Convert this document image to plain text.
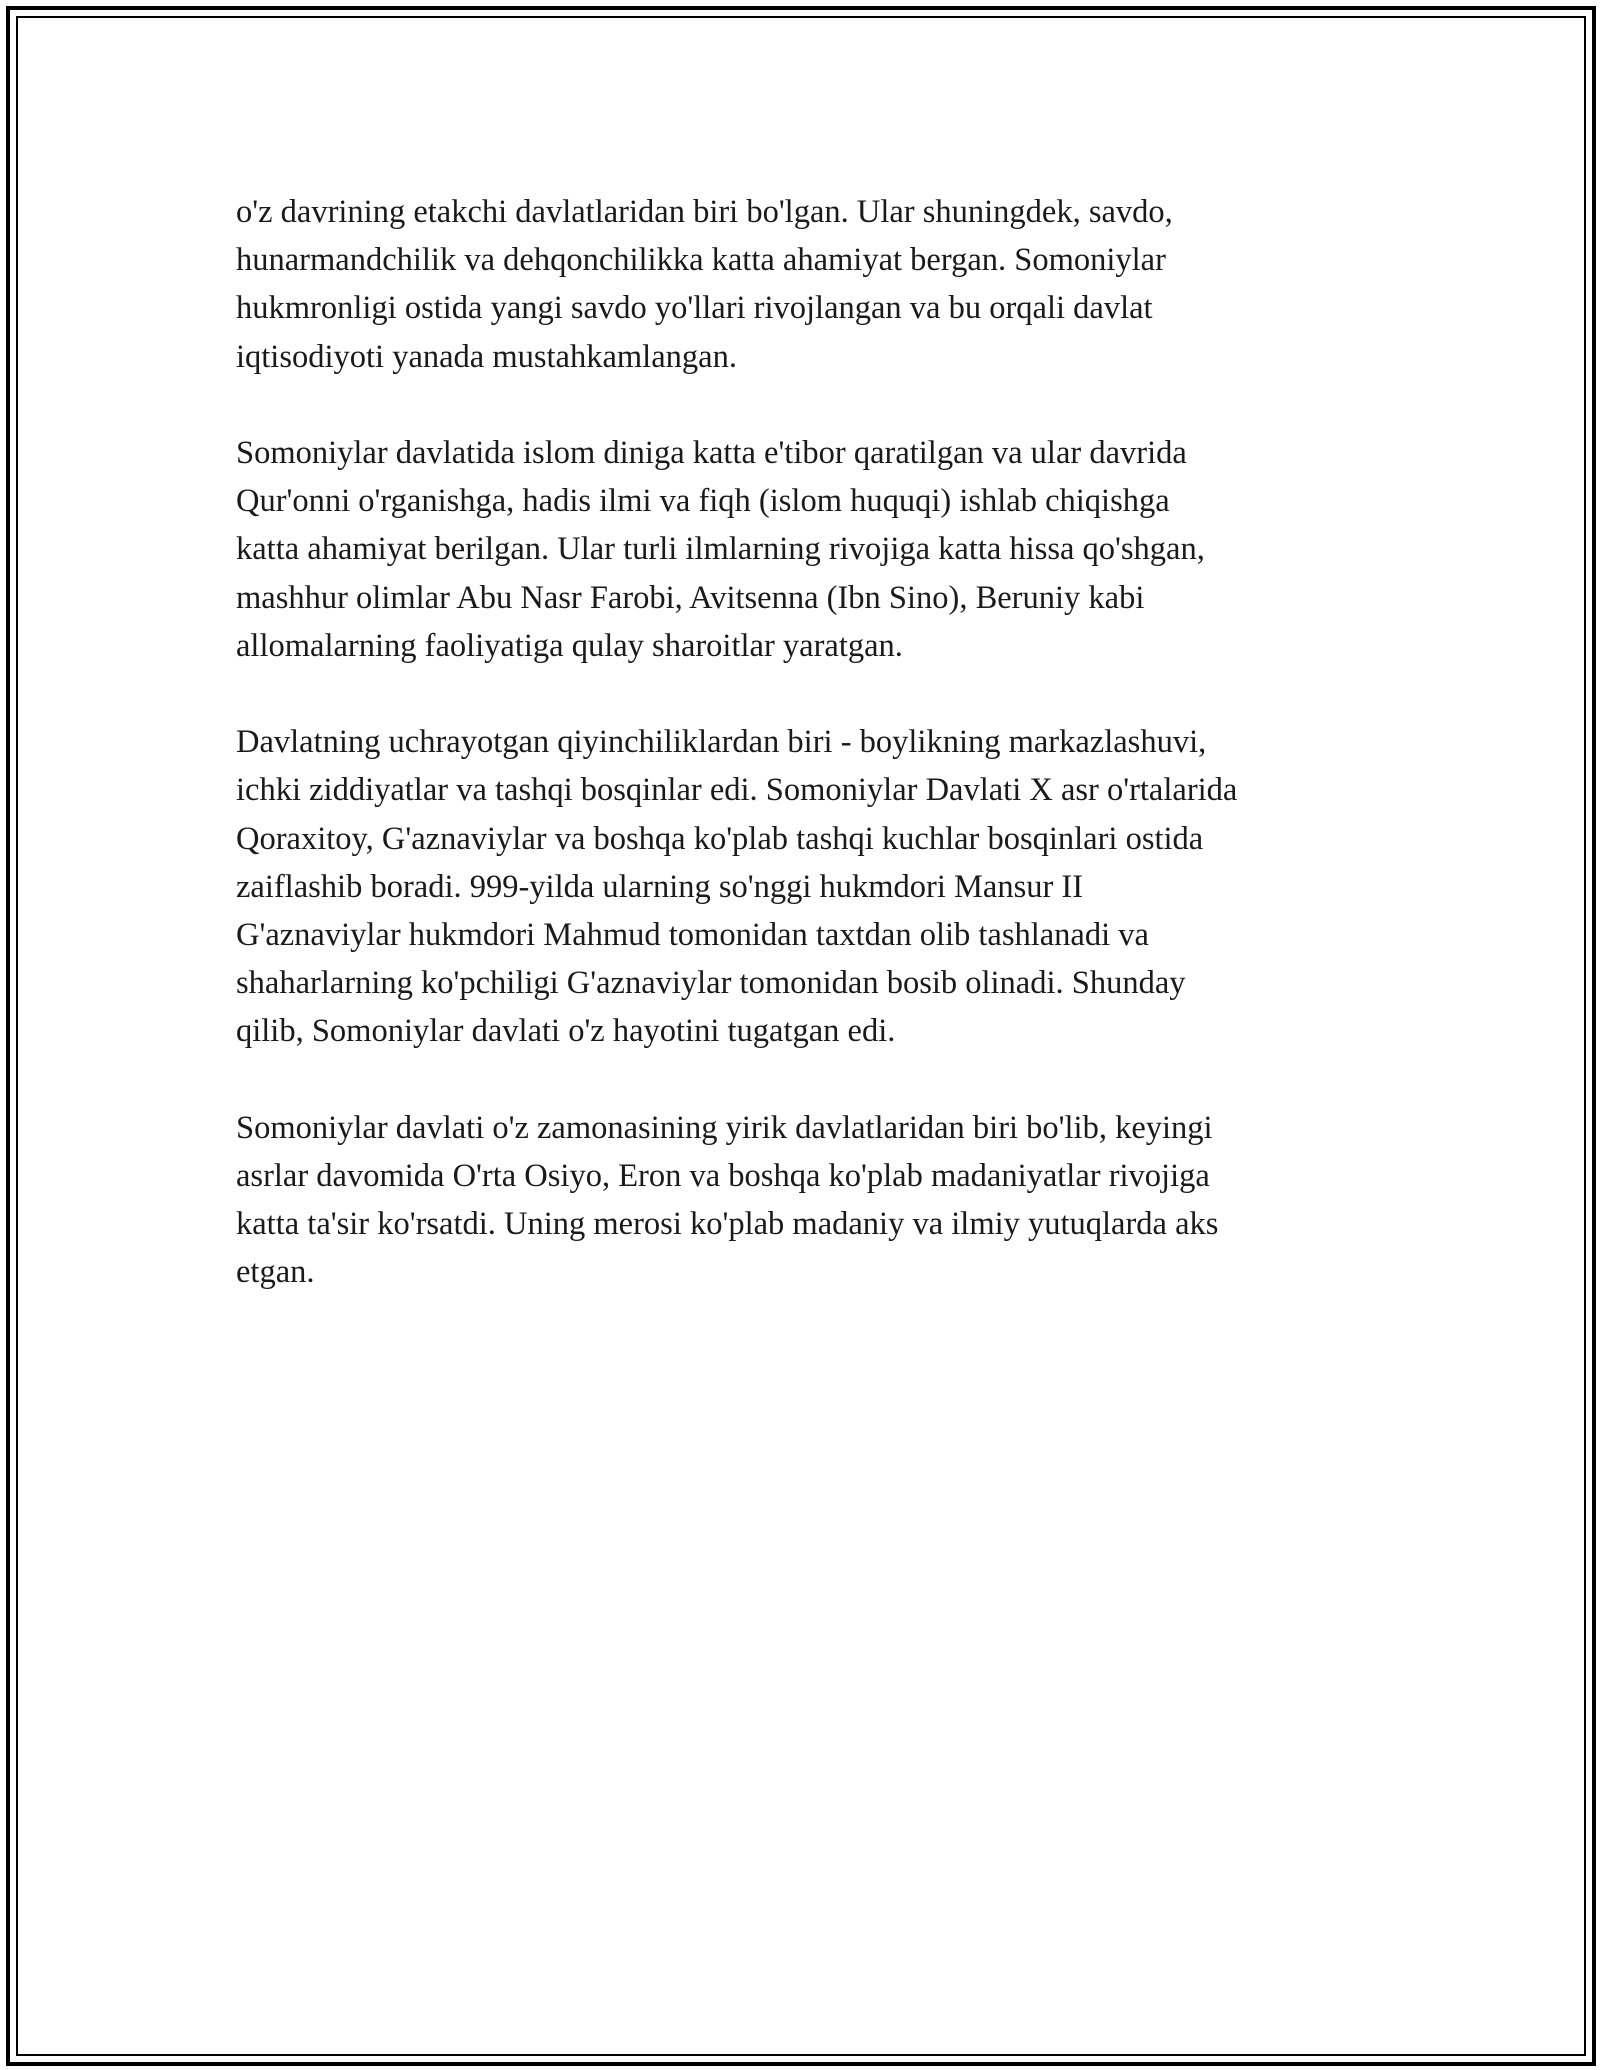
o'z davrining etakchi davlatlaridan biri bo'lgan. Ular shuningdek, savdo,
hunarmandchilik va dehqonchilikka katta ahamiyat bergan. Somoniylar
hukmronligi ostida yangi savdo yo'llari rivojlangan va bu orqali davlat
iqtisodiyoti yanada mustahkamlangan.

Somoniylar davlatida islom diniga katta e'tibor qaratilgan va ular davrida
Qur'onni o'rganishga, hadis ilmi va fiqh (islom huquqi) ishlab chiqishga
katta ahamiyat berilgan. Ular turli ilmlarning rivojiga katta hissa qo'shgan,
mashhur olimlar Abu Nasr Farobi, Avitsenna (Ibn Sino), Beruniy kabi
allomalarning faoliyatiga qulay sharoitlar yaratgan.

Davlatning uchrayotgan qiyinchiliklardan biri - boylikning markazlashuvi,
ichki ziddiyatlar va tashqi bosqinlar edi. Somoniylar Davlati X asr o'rtalarida
Qoraxitoy, G'aznaviylar va boshqa ko'plab tashqi kuchlar bosqinlari ostida
zaiflashib boradi. 999-yilda ularning so'nggi hukmdori Mansur II
G'aznaviylar hukmdori Mahmud tomonidan taxtdan olib tashlanadi va
shaharlarning ko'pchiligi G'aznaviylar tomonidan bosib olinadi. Shunday
qilib, Somoniylar davlati o'z hayotini tugatgan edi.

Somoniylar davlati o'z zamonasining yirik davlatlaridan biri bo'lib, keyingi
asrlar davomida O'rta Osiyo, Eron va boshqa ko'plab madaniyatlar rivojiga
katta ta'sir ko'rsatdi. Uning merosi ko'plab madaniy va ilmiy yutuqlarda aks
etgan.
